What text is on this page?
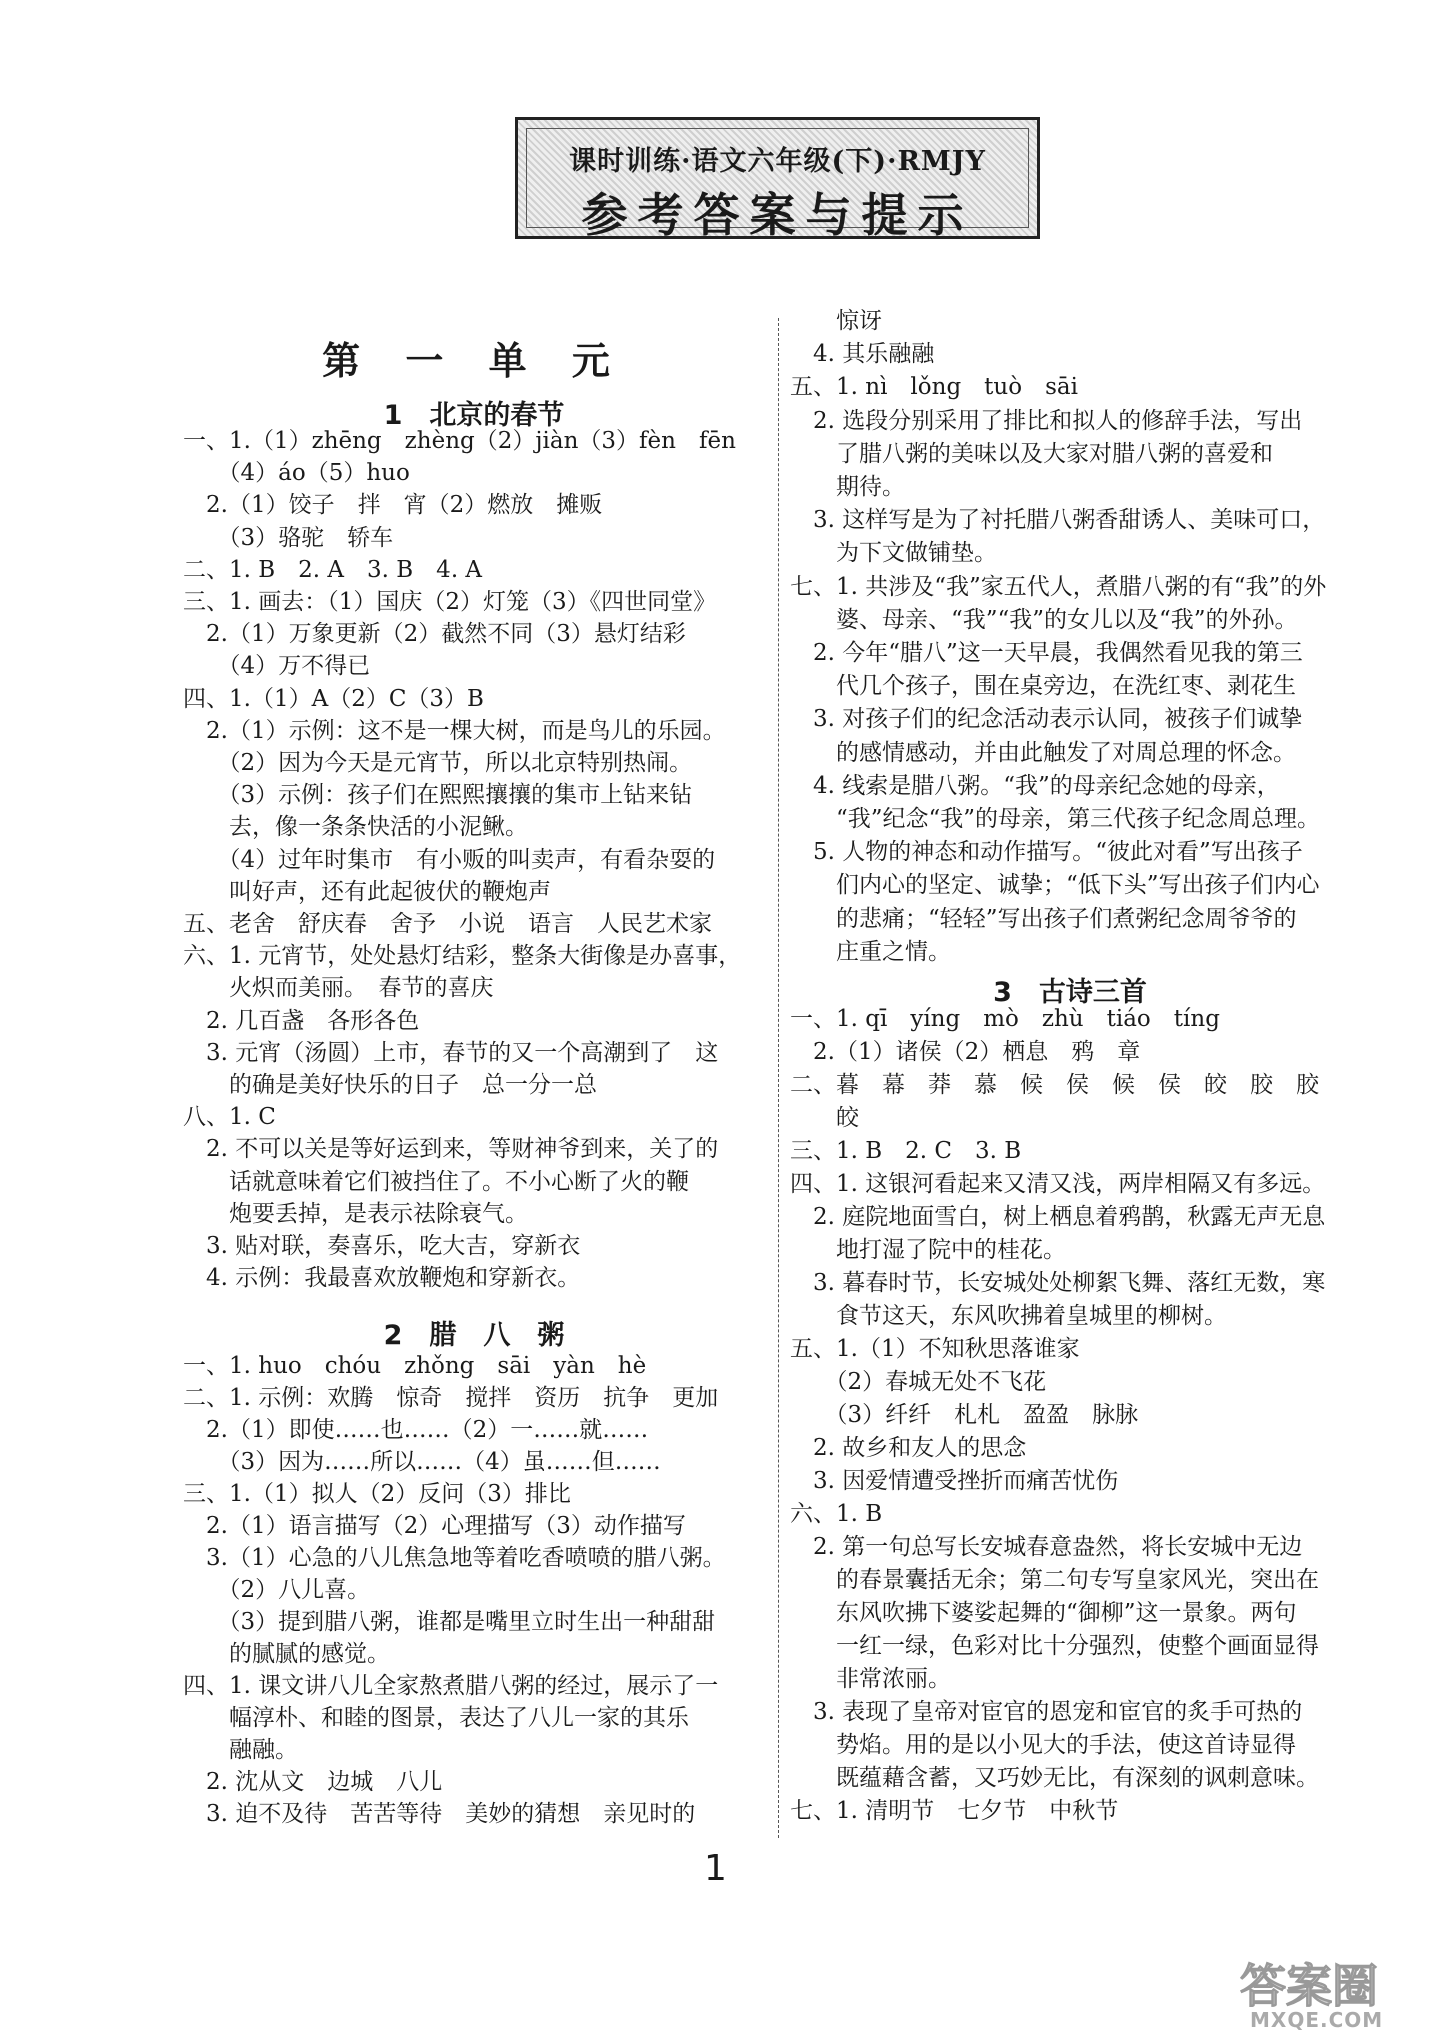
课时训练·语文六年级(下)·RMJY
参考答案与提示
第 一 单 元
1　北京的春节
2　腊　八　粥
3　古诗三首
一、1.（1）zhēng　zhèng（2）jiàn（3）fèn　fēn
　　（4）áo（5）huo
　2.（1）饺子　拌　宵（2）燃放　摊贩
　　（3）骆驼　轿车
二、1. B　2. A　3. B　4. A
三、1. 画去：（1）国庆（2）灯笼（3）《四世同堂》
　2.（1）万象更新（2）截然不同（3）悬灯结彩
　　（4）万不得已
四、1.（1）A（2）C（3）B
　2.（1）示例：这不是一棵大树，而是鸟儿的乐园。
　　（2）因为今天是元宵节，所以北京特别热闹。
　　（3）示例：孩子们在熙熙攘攘的集市上钻来钻
　　去，像一条条快活的小泥鳅。
　　（4）过年时集市　有小贩的叫卖声，有看杂耍的
　　叫好声，还有此起彼伏的鞭炮声
五、老舍　舒庆春　舍予　小说　语言　人民艺术家
六、1. 元宵节，处处悬灯结彩，整条大街像是办喜事，
　　火炽而美丽。　春节的喜庆
　2. 几百盏　各形各色
　3. 元宵（汤圆）上市，春节的又一个高潮到了　这
　　的确是美好快乐的日子　总一分一总
八、1. C
　2. 不可以关是等好运到来，等财神爷到来，关了的
　　话就意味着它们被挡住了。不小心断了火的鞭
　　炮要丢掉，是表示祛除衰气。
　3. 贴对联，奏喜乐，吃大吉，穿新衣
　4. 示例：我最喜欢放鞭炮和穿新衣。
一、1. huo　chóu　zhǒng　sāi　yàn　hè
二、1. 示例：欢腾　惊奇　搅拌　资历　抗争　更加
　2.（1）即使……也……（2）一……就……
　　（3）因为……所以……（4）虽……但……
三、1.（1）拟人（2）反问（3）排比
　2.（1）语言描写（2）心理描写（3）动作描写
　3.（1）心急的八儿焦急地等着吃香喷喷的腊八粥。
　　（2）八儿喜。
　　（3）提到腊八粥，谁都是嘴里立时生出一种甜甜
　　的腻腻的感觉。
四、1. 课文讲八儿全家熬煮腊八粥的经过，展示了一
　　幅淳朴、和睦的图景，表达了八儿一家的其乐
　　融融。
　2. 沈从文　边城　八儿
　3. 迫不及待　苦苦等待　美妙的猜想　亲见时的
　　惊讶
　4. 其乐融融
五、1. nì　lǒng　tuò　sāi
　2. 选段分别采用了排比和拟人的修辞手法，写出
　　了腊八粥的美味以及大家对腊八粥的喜爱和
　　期待。
　3. 这样写是为了衬托腊八粥香甜诱人、美味可口，
　　为下文做铺垫。
七、1. 共涉及“我”家五代人，煮腊八粥的有“我”的外
　　婆、母亲、“我”“我”的女儿以及“我”的外孙。
　2. 今年“腊八”这一天早晨，我偶然看见我的第三
　　代几个孩子，围在桌旁边，在洗红枣、剥花生
　3. 对孩子们的纪念活动表示认同，被孩子们诚挚
　　的感情感动，并由此触发了对周总理的怀念。
　4. 线索是腊八粥。“我”的母亲纪念她的母亲，
　　“我”纪念“我”的母亲，第三代孩子纪念周总理。
　5. 人物的神态和动作描写。“彼此对看”写出孩子
　　们内心的坚定、诚挚；“低下头”写出孩子们内心
　　的悲痛；“轻轻”写出孩子们煮粥纪念周爷爷的
　　庄重之情。
一、1. qī　yíng　mò　zhù　tiáo　tíng
　2.（1）诸侯（2）栖息　鸦　章
二、暮　幕　莽　慕　候　侯　候　侯　皎　胶　胶
　　皎
三、1. B　2. C　3. B
四、1. 这银河看起来又清又浅，两岸相隔又有多远。
　2. 庭院地面雪白，树上栖息着鸦鹊，秋露无声无息
　　地打湿了院中的桂花。
　3. 暮春时节，长安城处处柳絮飞舞、落红无数，寒
　　食节这天，东风吹拂着皇城里的柳树。
五、1.（1）不知秋思落谁家
　　（2）春城无处不飞花
　　（3）纤纤　札札　盈盈　脉脉
　2. 故乡和友人的思念
　3. 因爱情遭受挫折而痛苦忧伤
六、1. B
　2. 第一句总写长安城春意盎然，将长安城中无边
　　的春景囊括无余；第二句专写皇家风光，突出在
　　东风吹拂下婆娑起舞的“御柳”这一景象。两句
　　一红一绿，色彩对比十分强烈，使整个画面显得
　　非常浓丽。
　3. 表现了皇帝对宦官的恩宠和宦官的炙手可热的
　　势焰。用的是以小见大的手法，使这首诗显得
　　既蕴藉含蓄，又巧妙无比，有深刻的讽刺意味。
七、1. 清明节　七夕节　中秋节
1
答案圈
MXQE.COM
